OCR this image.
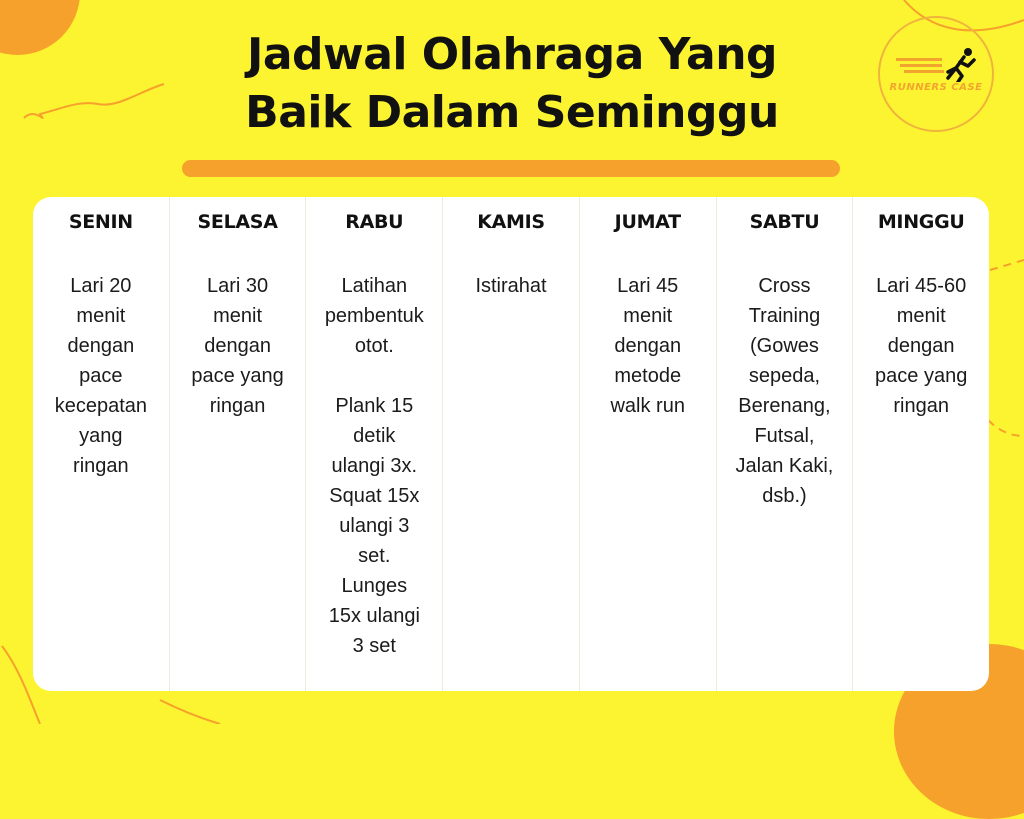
Jadwal Olahraga Yang
Baik Dalam Seminggu	RUNNERS CASE
SENIN
Lari 20
menit
dengan
pace
kecepatan
yang
ringan
SELASA
Lari 30
menit
dengan
pace yang
ringan
RABU
Latihan
pembentuk
otot.

Plank 15
detik
ulangi 3x.
Squat 15x
ulangi 3
set.
Lunges
15x ulangi
3 set
KAMIS
Istirahat
JUMAT
Lari 45
menit
dengan
metode
walk run
SABTU
Cross
Training
(Gowes
sepeda,
Berenang,
Futsal,
Jalan Kaki,
dsb.)
MINGGU
Lari 45-60
menit
dengan
pace yang
ringan
